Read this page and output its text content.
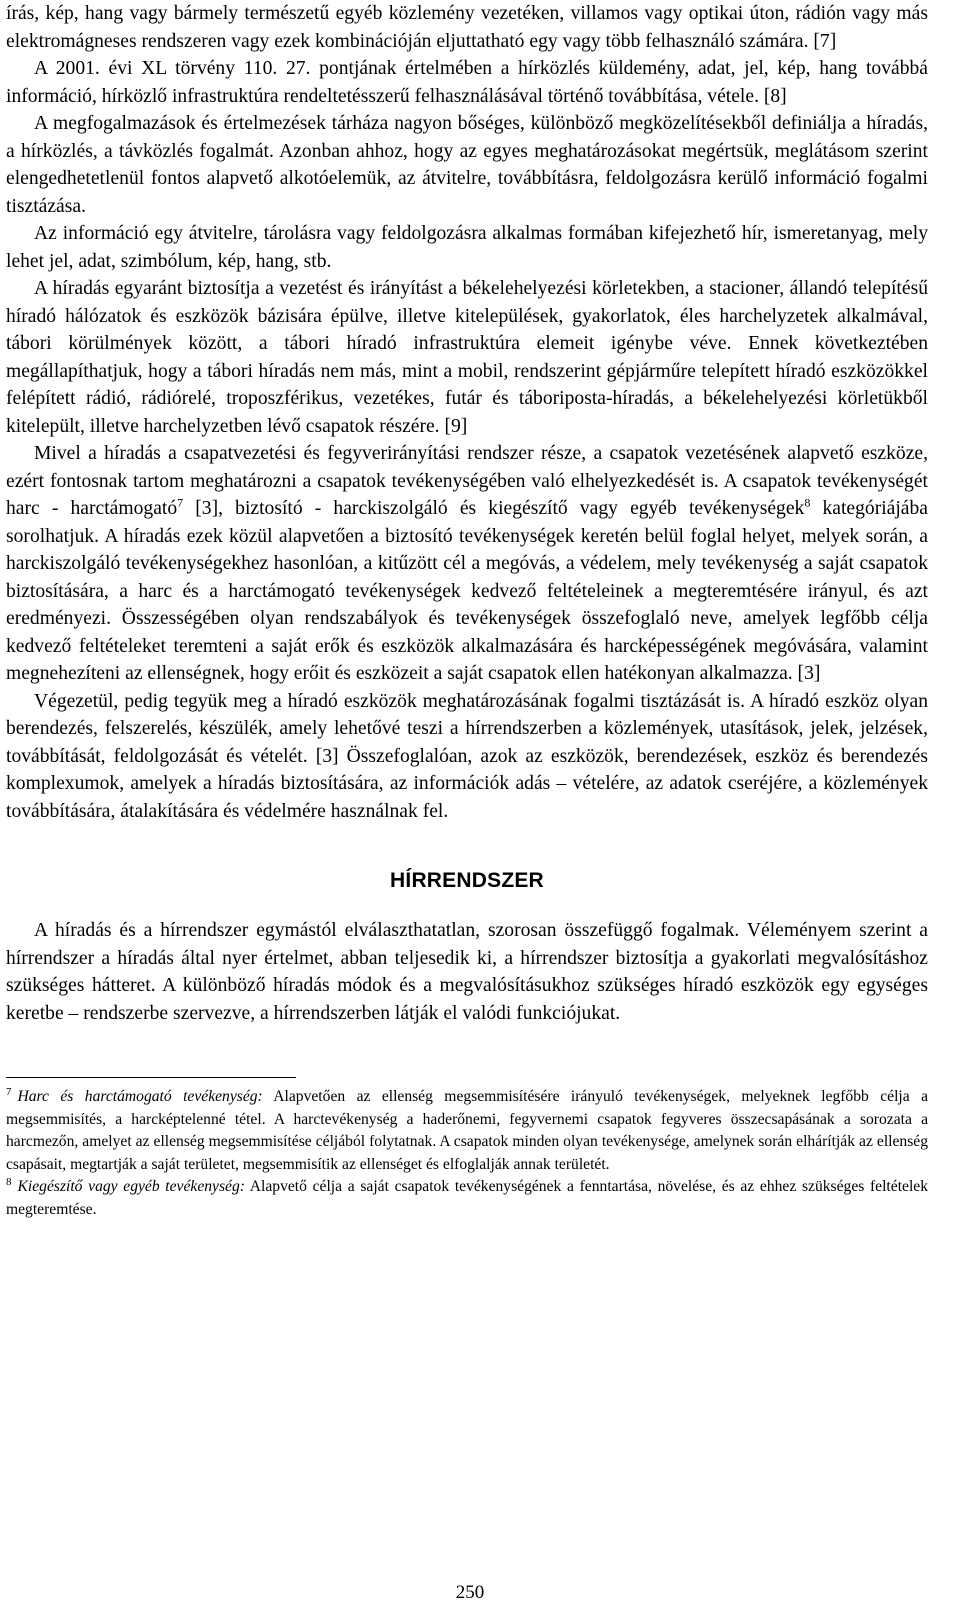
írás, kép, hang vagy bármely természetű egyéb közlemény vezetéken, villamos vagy optikai úton, rádión vagy más elektromágneses rendszeren vagy ezek kombinációján eljuttatható egy vagy több felhasználó számára. [7]

A 2001. évi XL törvény 110. 27. pontjának értelmében a hírközlés küldemény, adat, jel, kép, hang továbbá információ, hírközlő infrastruktúra rendeltetésszerű felhasználásával történő továbbítása, vétele. [8]

A megfogalmazások és értelmezések tárháza nagyon bőséges, különböző megközelítésekből definiálja a híradás, a hírközlés, a távközlés fogalmát. Azonban ahhoz, hogy az egyes meghatározásokat megértsük, meglátásom szerint elengedhetetlenül fontos alapvető alkotóelemük, az átvitelre, továbbításra, feldolgozásra kerülő információ fogalmi tisztázása.

Az információ egy átvitelre, tárolásra vagy feldolgozásra alkalmas formában kifejezhető hír, ismeretanyag, mely lehet jel, adat, szimbólum, kép, hang, stb.

A híradás egyaránt biztosítja a vezetést és irányítást a békelehelyezési körletekben, a stacioner, állandó telepítésű híradó hálózatok és eszközök bázisára épülve, illetve kitelepülések, gyakorlatok, éles harchelyzetek alkalmával, tábori körülmények között, a tábori híradó infrastruktúra elemeit igénybe véve. Ennek következtében megállapíthatjuk, hogy a tábori híradás nem más, mint a mobil, rendszerint gépjárműre telepített híradó eszközökkel felépített rádió, rádiórelé, troposzférikus, vezetékes, futár és táboriposta-híradás, a békelehelyezési körletükből kitelepült, illetve harchelyzetben lévő csapatok részére. [9]

Mivel a híradás a csapatvezetési és fegyverirányítási rendszer része, a csapatok vezetésének alapvető eszköze, ezért fontosnak tartom meghatározni a csapatok tevékenységében való elhelyezkedését is. A csapatok tevékenységét harc - harctámogató$^7$ [3], biztosító - harckiszolgáló és kiegészítő vagy egyéb tevékenységek$^8$ kategóriájába sorolhatjuk. A híradás ezek közül alapvetően a biztosító tevékenységek keretén belül foglal helyet, melyek során, a harckiszolgáló tevékenységekhez hasonlóan, a kitűzött cél a megóvás, a védelem, mely tevékenység a saját csapatok biztosítására, a harc és a harctámogató tevékenységek kedvező feltételeinek a megteremtésére irányul, és azt eredményezi. Összességében olyan rendszabályok és tevékenységek összefoglaló neve, amelyek legfőbb célja kedvező feltételeket teremteni a saját erők és eszközök alkalmazására és harcképességének megóvására, valamint megnehezíteni az ellenségnek, hogy erőit és eszközeit a saját csapatok ellen hatékonyan alkalmazza. [3]

Végezetül, pedig tegyük meg a híradó eszközök meghatározásának fogalmi tisztázását is. A híradó eszköz olyan berendezés, felszerelés, készülék, amely lehetővé teszi a hírrendszerben a közlemények, utasítások, jelek, jelzések, továbbítását, feldolgozását és vételét. [3] Összefoglalóan, azok az eszközök, berendezések, eszköz és berendezés komplexumok, amelyek a híradás biztosítására, az információk adás – vételére, az adatok cseréjére, a közlemények továbbítására, átalakítására és védelmére használnak fel.

HÍRRENDSZER

A híradás és a hírrendszer egymástól elválaszthatatlan, szorosan összefüggő fogalmak. Véleményem szerint a hírrendszer a híradás által nyer értelmet, abban teljesedik ki, a hírrendszer biztosítja a gyakorlati megvalósításhoz szükséges hátteret. A különböző híradás módok és a megvalósításukhoz szükséges híradó eszközök egy egységes keretbe – rendszerbe szervezve, a hírrendszerben látják el valódi funkciójukat.

$^7$ Harc és harctámogató tevékenység: Alapvetően az ellenség megsemmisítésére irányuló tevékenységek, melyeknek legfőbb célja a megsemmisítés, a harcképtelenné tétel. A harctevékenység a haderőnemi, fegyvernemi csapatok fegyveres összecsapásának a sorozata a harcmezőn, amelyet az ellenség megsemmisítése céljából folytatnak. A csapatok minden olyan tevékenysége, amelynek során elhárítják az ellenség csapásait, megtartják a saját területet, megsemmisítik az ellenséget és elfoglalják annak területét.

$^8$ Kiegészítő vagy egyéb tevékenység: Alapvető célja a saját csapatok tevékenységének a fenntartása, növelése, és az ehhez szükséges feltételek megteremtése.

250
